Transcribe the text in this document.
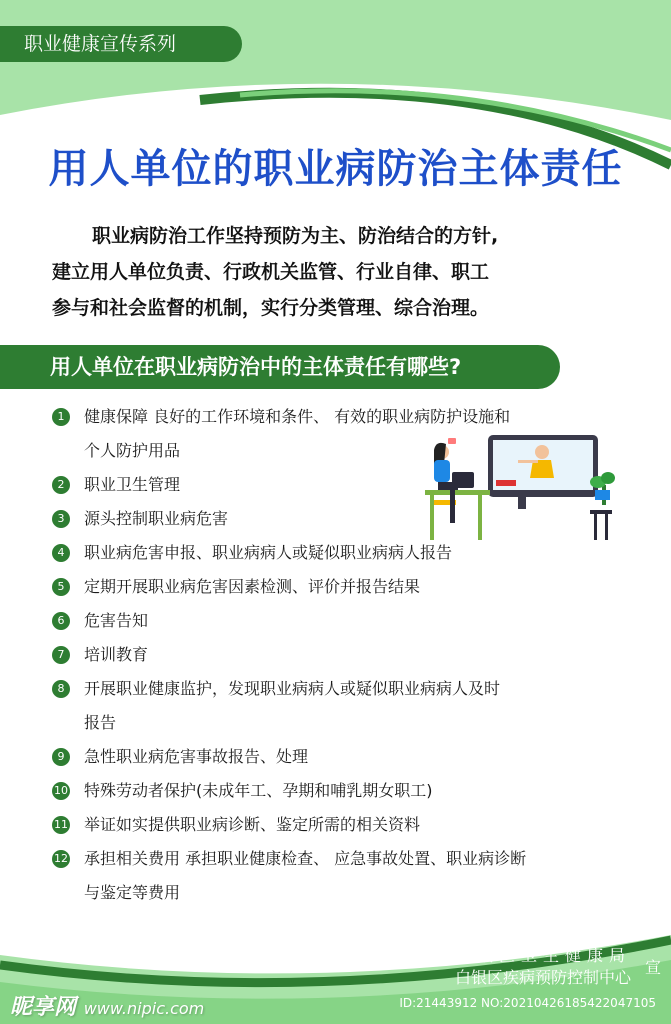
职业健康宣传系列
用人单位的职业病防治主体责任
职业病防治工作坚持预防为主、防治结合的方针,
建立用人单位负责、行政机关监管、行业自律、职工
参与和社会监督的机制，实行分类管理、综合治理。
用人单位在职业病防治中的主体责任有哪些?
1	健康保障 良好的工作环境和条件、 有效的职业病防护设施和
个人防护用品
2	职业卫生管理
3	源头控制职业病危害
4	职业病危害申报、职业病病人或疑似职业病病人报告
5	定期开展职业病危害因素检测、评价并报告结果
6	危害告知
7	培训教育
8	开展职业健康监护，发现职业病病人或疑似职业病病人及时
报告
9	急性职业病危害事故报告、处理
10 特殊劳动者保护(未成年工、孕期和哺乳期女职工)
11 举证如实提供职业病诊断、鉴定所需的相关资料
12 承担相关费用 承担职业健康检查、 应急事故处置、职业病诊断
与鉴定等费用
白银区卫生健康局
白银区疾病预防控制中心
宣
昵享网 www.nipic.com	ID:21443912 NO:20210426185422047105
